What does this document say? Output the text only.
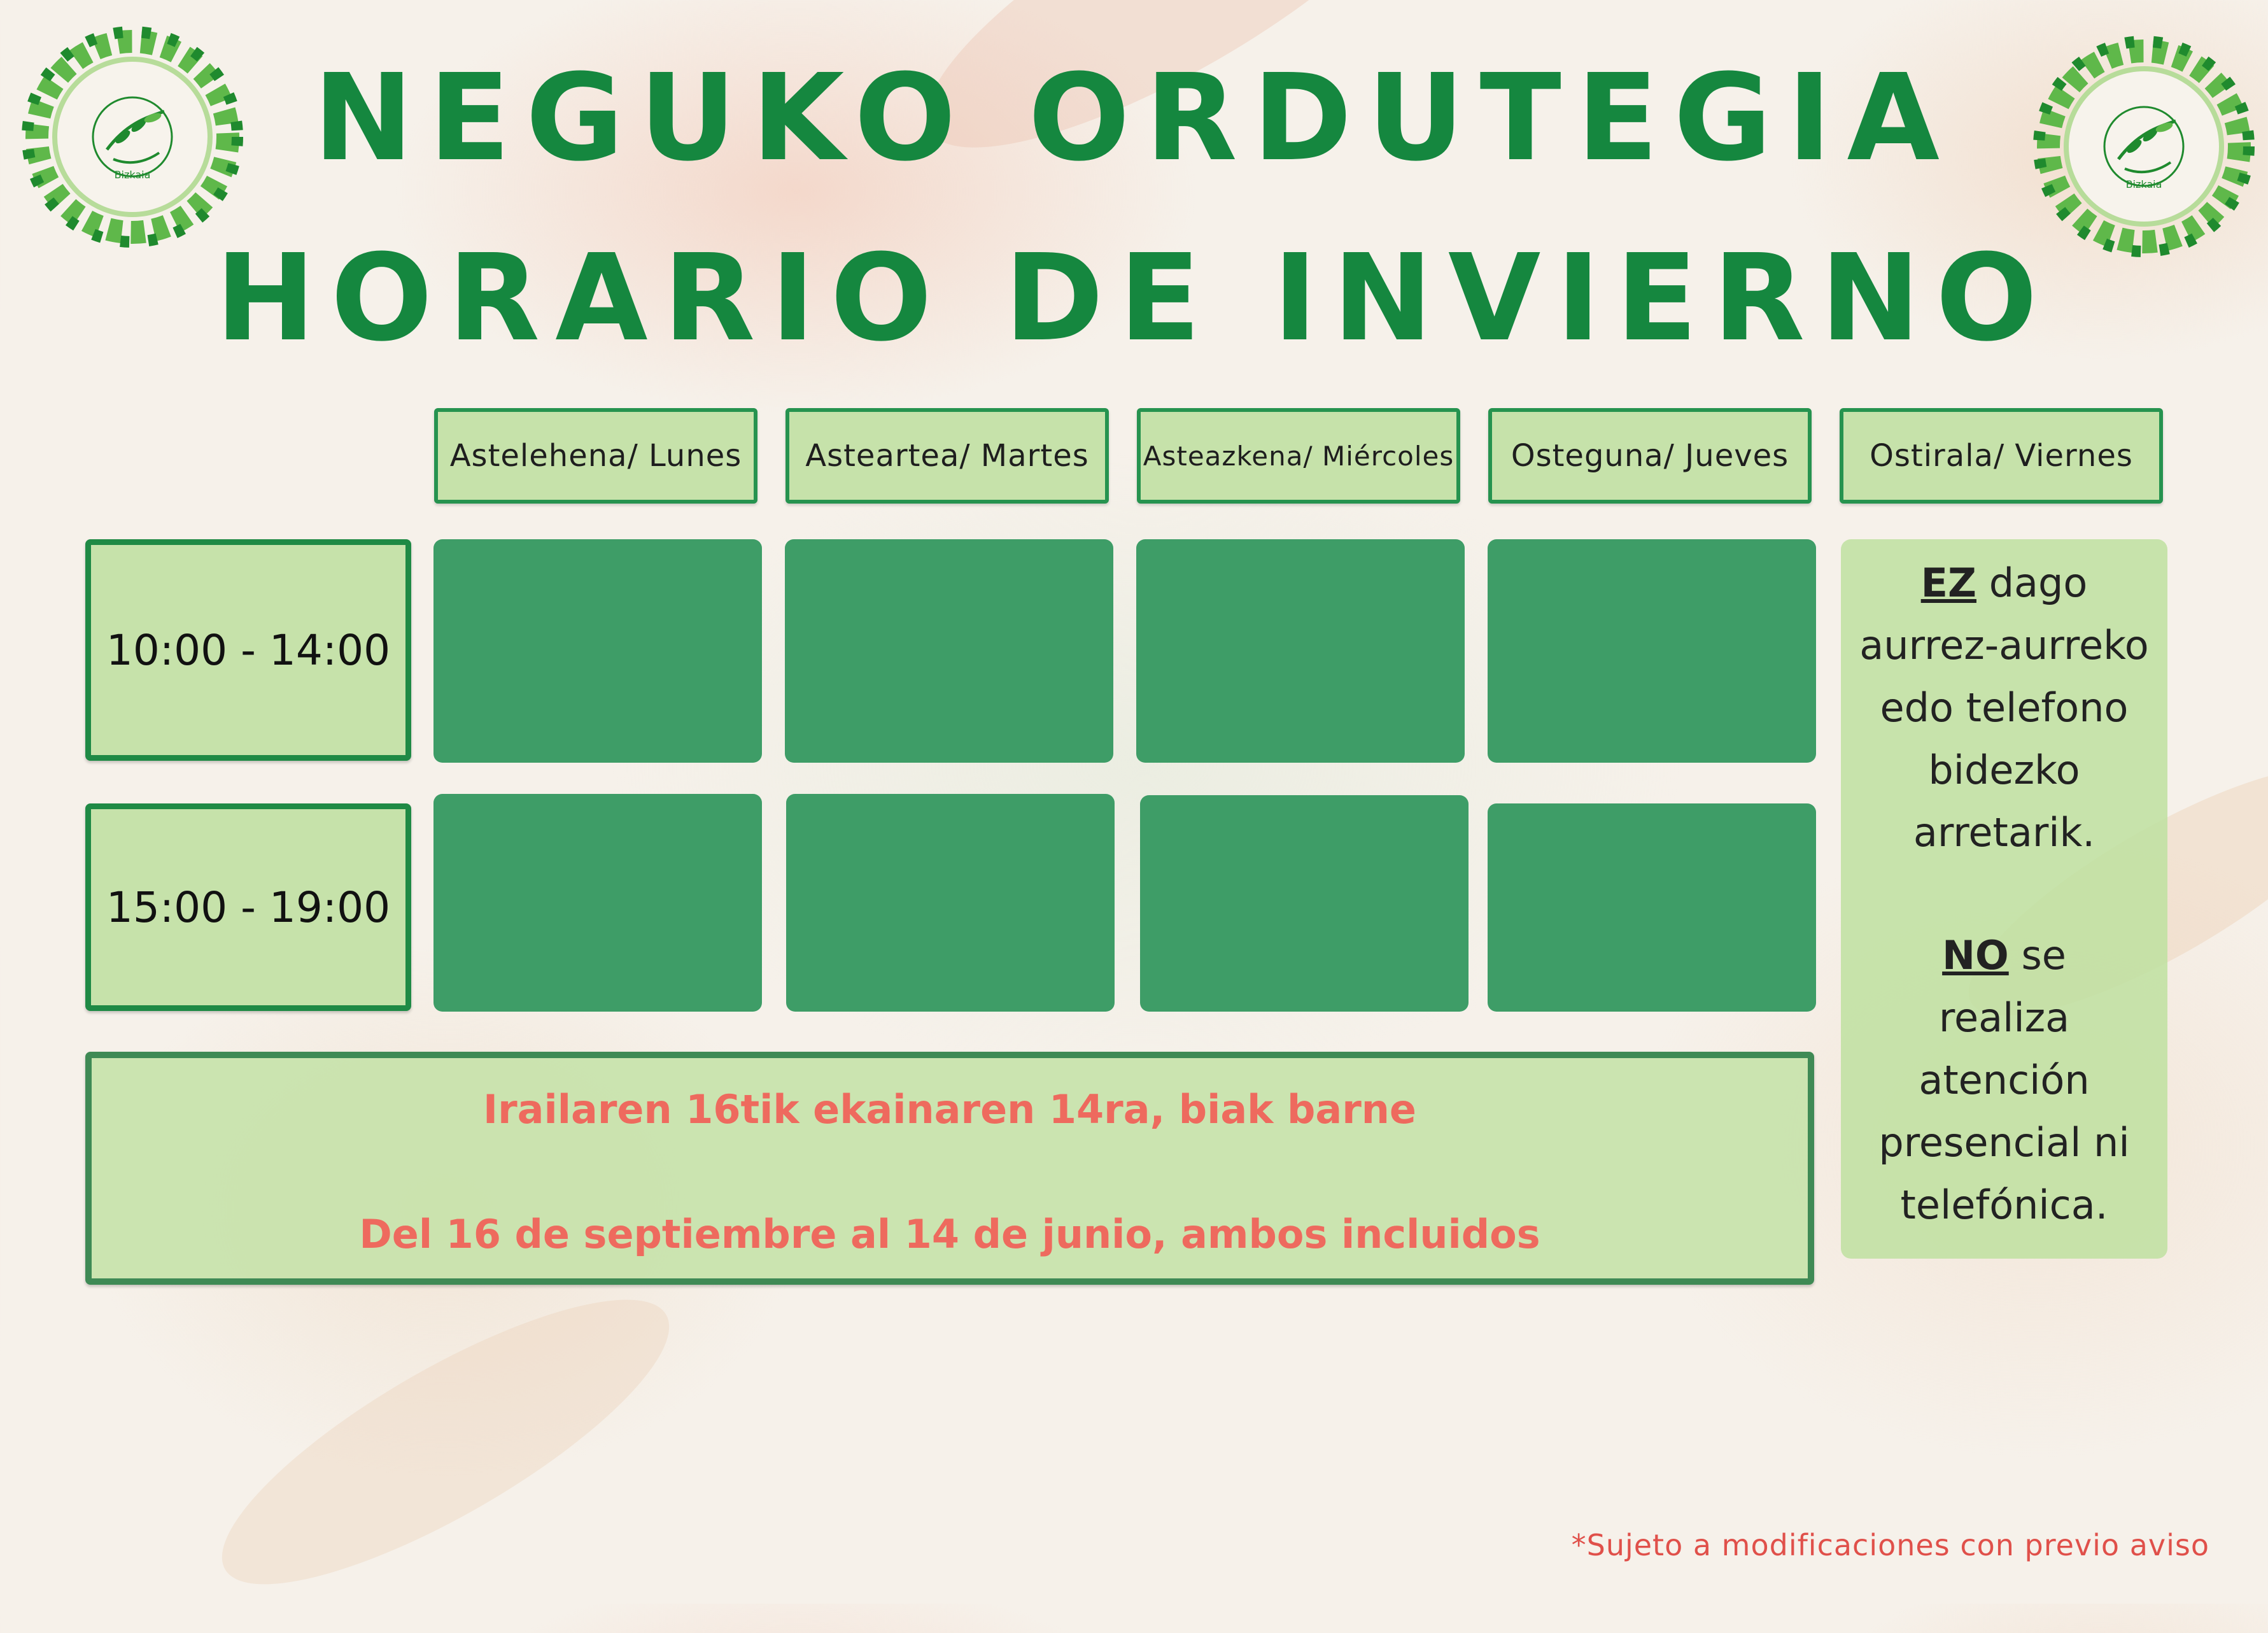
Bizkaia
Bizkaia
NEGUKO ORDUTEGIA
HORARIO DE INVIERNO
Astelehena/ Lunes	Asteartea/ Martes	Asteazkena/ Miércoles	Osteguna/ Jueves	Ostirala/ Viernes
10:00 - 14:00
15:00 - 19:00

EZ dago

aurrez-aurreko

edo telefono

bidezko

arretarik.

NO se

realiza

atención

presencial ni

telefónica.

Irailaren 16tik ekainaren 14ra, biak barne
Del 16 de septiembre al 14 de junio, ambos incluidos
*Sujeto a modificaciones con previo aviso
